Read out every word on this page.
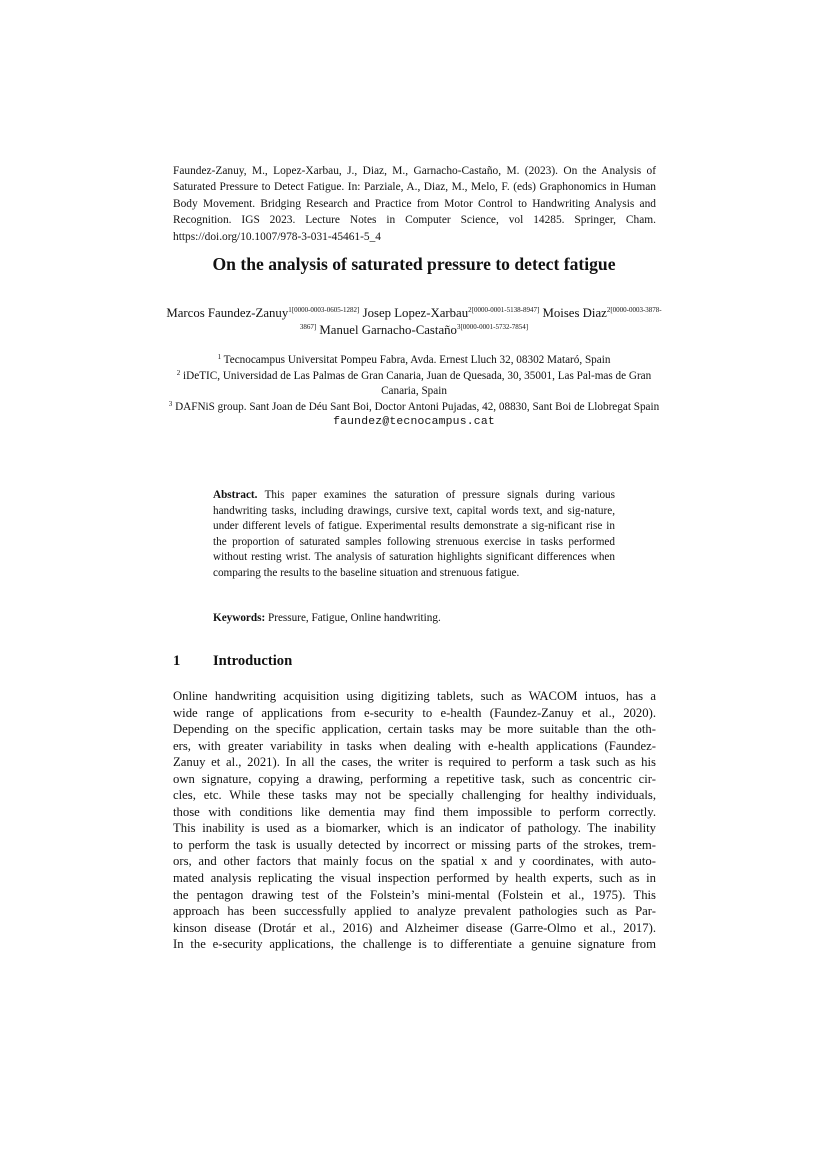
Faundez-Zanuy, M., Lopez-Xarbau, J., Diaz, M., Garnacho-Castaño, M. (2023). On the Analysis of Saturated Pressure to Detect Fatigue. In: Parziale, A., Diaz, M., Melo, F. (eds) Graphonomics in Human Body Movement. Bridging Research and Practice from Motor Control to Handwriting Analysis and Recognition. IGS 2023. Lecture Notes in Computer Science, vol 14285. Springer, Cham. https://doi.org/10.1007/978-3-031-45461-5_4
On the analysis of saturated pressure to detect fatigue
Marcos Faundez-Zanuy$^{1[0000-0003-0605-1282]}$ Josep Lopez-Xarbau$^{2[0000-0001-5138-8947]}$ Moises Diaz$^{2[0000-0003-3878-3867]}$ Manuel Garnacho-Castaño$^{3[0000-0001-5732-7854]}$
$^1$ Tecnocampus Universitat Pompeu Fabra, Avda. Ernest Lluch 32, 08302 Mataró, Spain
$^2$ iDeTIC, Universidad de Las Palmas de Gran Canaria, Juan de Quesada, 30, 35001, Las Pal-mas de Gran Canaria, Spain
$^3$ DAFNiS group. Sant Joan de Déu Sant Boi, Doctor Antoni Pujadas, 42, 08830, Sant Boi de Llobregat Spain
faundez@tecnocampus.cat
Abstract. This paper examines the saturation of pressure signals during various handwriting tasks, including drawings, cursive text, capital words text, and sig-nature, under different levels of fatigue. Experimental results demonstrate a sig-nificant rise in the proportion of saturated samples following strenuous exercise in tasks performed without resting wrist. The analysis of saturation highlights significant differences when comparing the results to the baseline situation and strenuous fatigue.
Keywords: Pressure, Fatigue, Online handwriting.
1 Introduction
Online handwriting acquisition using digitizing tablets, such as WACOM intuos, has a
wide range of applications from e-security to e-health (Faundez-Zanuy et al., 2020).
Depending on the specific application, certain tasks may be more suitable than the oth-
ers, with greater variability in tasks when dealing with e-health applications (Faundez-
Zanuy et al., 2021). In all the cases, the writer is required to perform a task such as his
own signature, copying a drawing, performing a repetitive task, such as concentric cir-
cles, etc. While these tasks may not be specially challenging for healthy individuals,
those with conditions like dementia may find them impossible to perform correctly.
This inability is used as a biomarker, which is an indicator of pathology. The inability
to perform the task is usually detected by incorrect or missing parts of the strokes, trem-
ors, and other factors that mainly focus on the spatial x and y coordinates, with auto-
mated analysis replicating the visual inspection performed by health experts, such as in
the pentagon drawing test of the Folstein’s mini-mental (Folstein et al., 1975). This
approach has been successfully applied to analyze prevalent pathologies such as Par-
kinson disease (Drotár et al., 2016) and Alzheimer disease (Garre-Olmo et al., 2017).
In the e-security applications, the challenge is to differentiate a genuine signature from
